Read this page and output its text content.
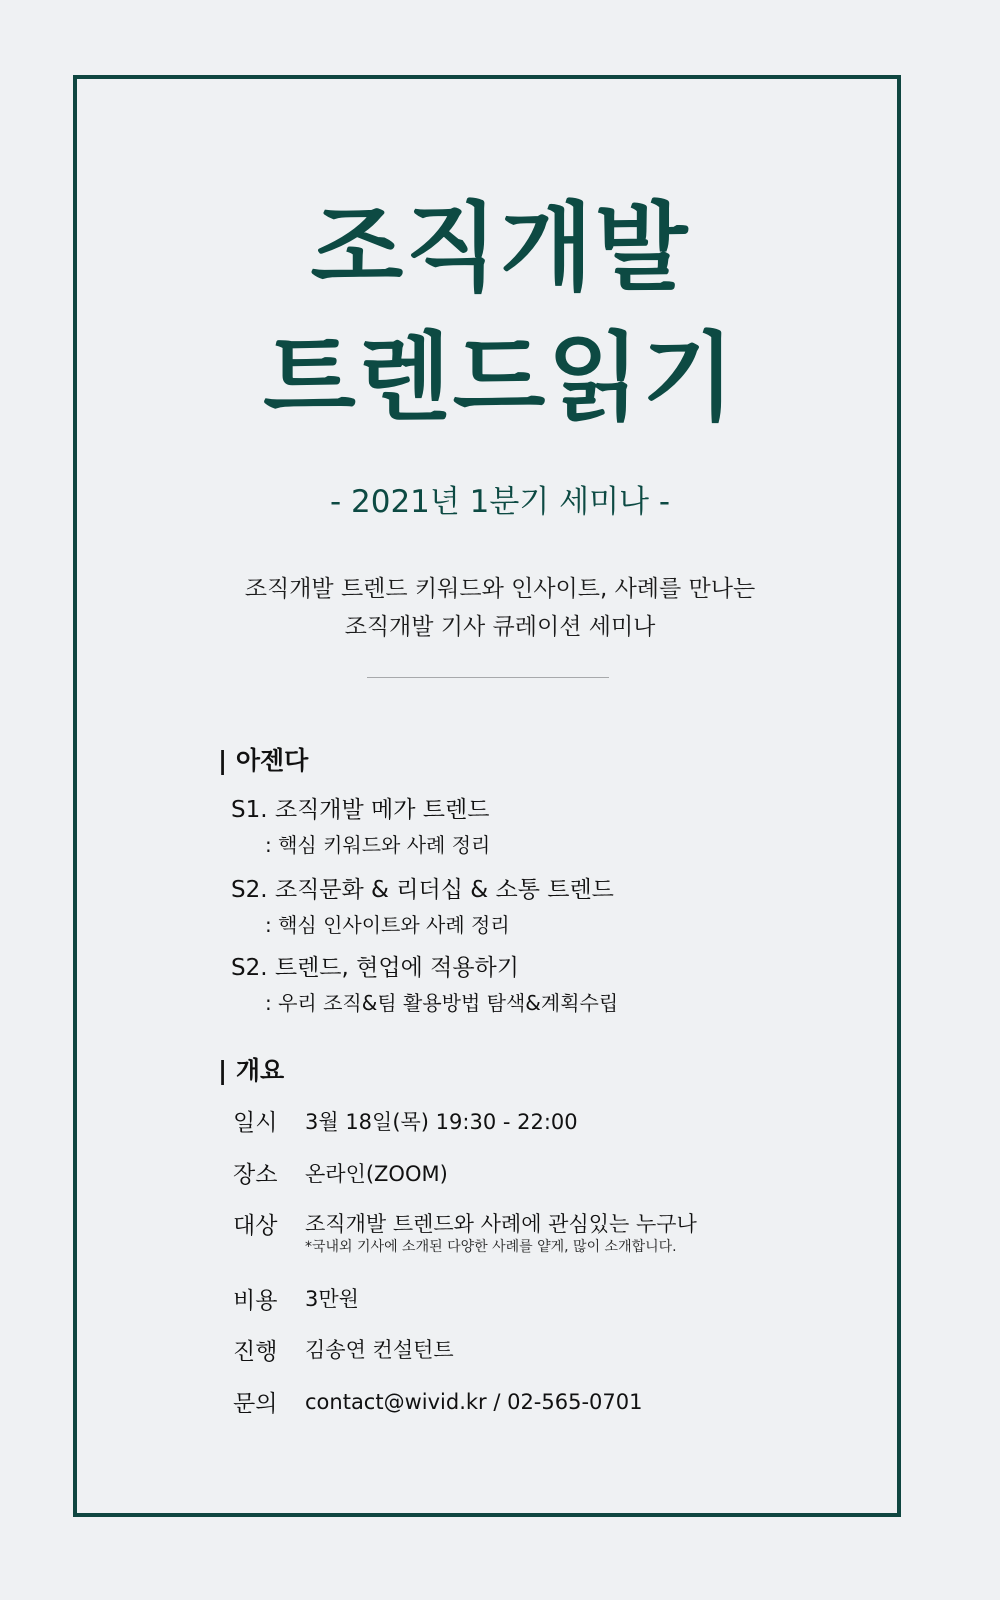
조직개발
트렌드읽기
- 2021년 1분기 세미나 -
조직개발 트렌드 키워드와 인사이트, 사례를 만나는
조직개발 기사 큐레이션 세미나
| 아젠다
S1. 조직개발 메가 트렌드
: 핵심 키워드와 사례 정리
S2. 조직문화 & 리더십 & 소통 트렌드
: 핵심 인사이트와 사례 정리
S2. 트렌드, 현업에 적용하기
: 우리 조직&팀 활용방법 탐색&계획수립
| 개요
일시 3월 18일(목) 19:30 - 22:00
장소 온라인(ZOOM)
대상 조직개발 트렌드와 사례에 관심있는 누구나
*국내외 기사에 소개된 다양한 사례를 얕게, 많이 소개합니다.
비용 3만원
진행 김송연 컨설턴트
문의 contact@wivid.kr / 02-565-0701
